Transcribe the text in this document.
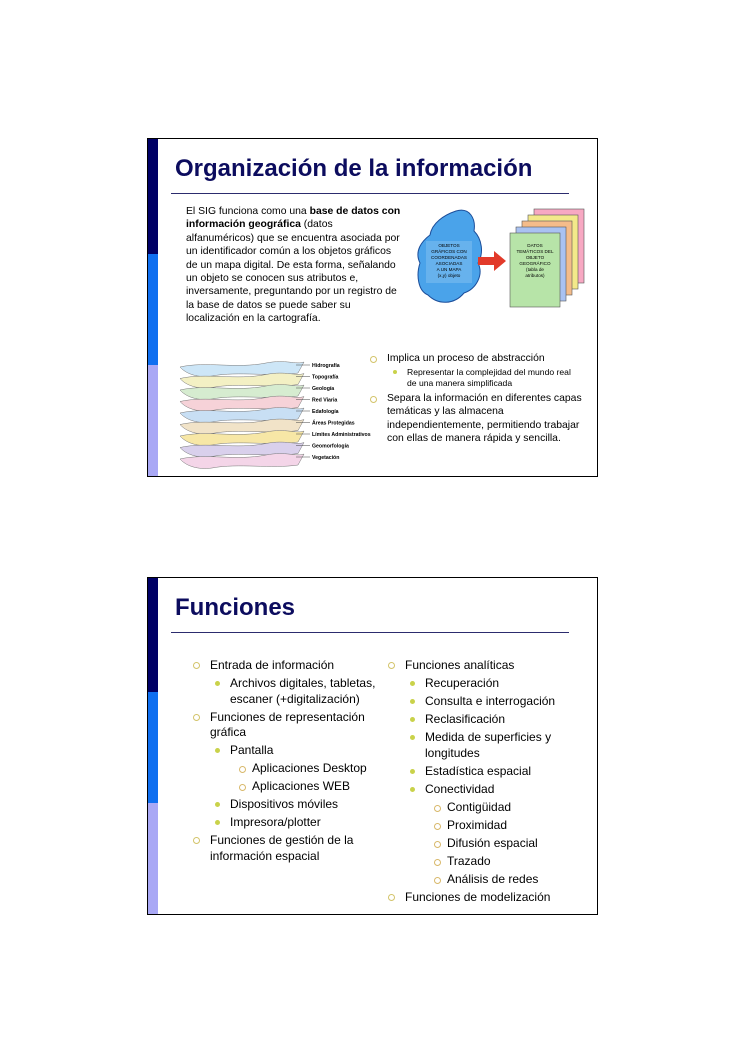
Organización de la información
El SIG funciona como una base de datos con información geográfica (datos alfanuméricos) que se encuentra asociada por un identificador común a los objetos gráficos de un mapa digital. De esta forma, señalando un objeto se conocen sus atributos e, inversamente, preguntando por un registro de la base de datos se puede saber su localización en la cartografía.
OBJETOS
GRÁFICOS CON
COORDENADAS
ASOCIADAS
A UN MAPA
(x,y) objeto
DATOS
TEMÁTICOS DEL
OBJETO
GEOGRÁFICO
(tabla de
atributos)
Hidrografía
Topografía
Geología
Red Viaria
Edafología
Áreas Protegidas
Límites Administrativos
Geomorfología
Vegetación
Implica un proceso de abstracción
Representar la complejidad del mundo real de una manera simplificada
Separa la información en diferentes capas temáticas y las almacena independientemente, permitiendo trabajar con ellas de manera rápida y sencilla.
Funciones
Entrada de información
Archivos digitales, tabletas, escaner (+digitalización)
Funciones de representación gráfica
Pantalla
Aplicaciones Desktop
Aplicaciones WEB
Dispositivos móviles
Impresora/plotter
Funciones de gestión de la información espacial
Funciones analíticas
Recuperación
Consulta e interrogación
Reclasificación
Medida de superficies y longitudes
Estadística espacial
Conectividad
Contigüidad
Proximidad
Difusión espacial
Trazado
Análisis de redes
Funciones de modelización
